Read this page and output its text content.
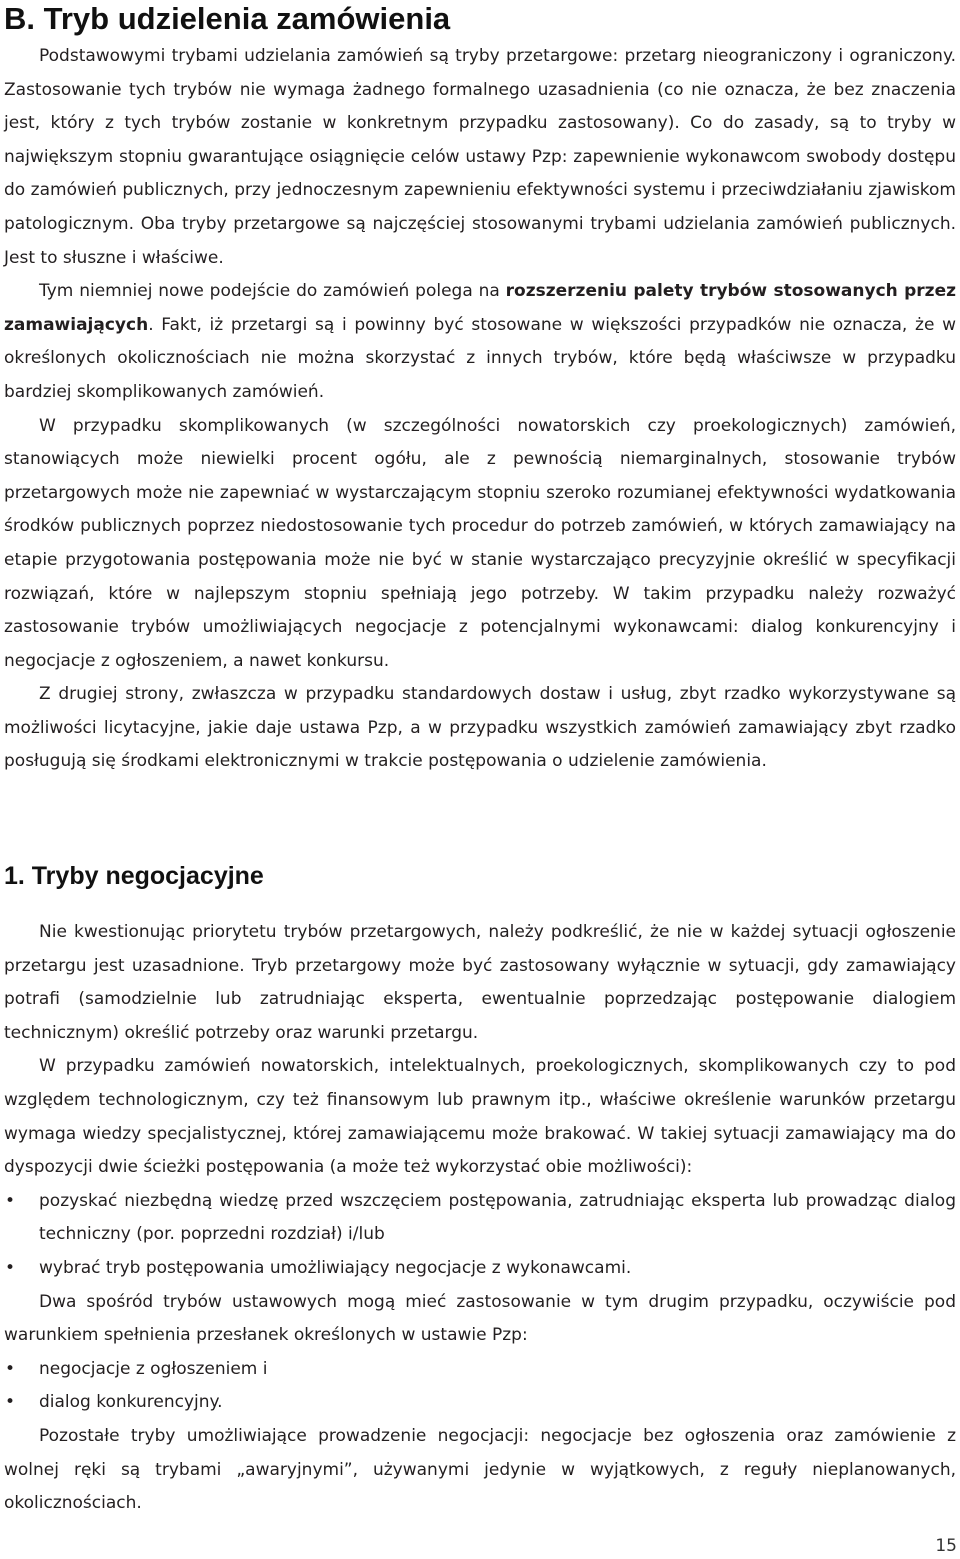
B. Tryb udzielenia zamówienia

Podstawowymi trybami udzielania zamówień są tryby przetargowe: przetarg nieograniczony i ograniczony. Zastosowanie tych trybów nie wymaga żadnego formalnego uzasadnienia (co nie oznacza, że bez znaczenia jest, który z tych trybów zostanie w konkretnym przypadku zastosowany). Co do zasady, są to tryby w największym stopniu gwarantujące osiągnięcie celów ustawy Pzp: zapewnienie wykonawcom swobody dostępu do zamówień publicznych, przy jednoczesnym zapewnieniu efektywności systemu i przeciwdziałaniu zjawiskom patologicznym. Oba tryby przetargowe są najczęściej stosowanymi trybami udzielania zamówień publicznych. Jest to słuszne i właściwe.

Tym niemniej nowe podejście do zamówień polega na rozszerzeniu palety trybów stosowanych przez zamawiających. Fakt, iż przetargi są i powinny być stosowane w większości przypadków nie oznacza, że w określonych okolicznościach nie można skorzystać z innych trybów, które będą właściwsze w przypadku bardziej skomplikowanych zamówień.

W przypadku skomplikowanych (w szczególności nowatorskich czy proekologicznych) zamówień, stanowiących może niewielki procent ogółu, ale z pewnością niemarginalnych, stosowanie trybów przetargowych może nie zapewniać w wystarczającym stopniu szeroko rozumianej efektywności wydatkowania środków publicznych poprzez niedostosowanie tych procedur do potrzeb zamówień, w których zamawiający na etapie przygotowania postępowania może nie być w stanie wystarczająco precyzyjnie określić w specyfikacji rozwiązań, które w najlepszym stopniu spełniają jego potrzeby. W takim przypadku należy rozważyć zastosowanie trybów umożliwiających negocjacje z potencjalnymi wykonawcami: dialog konkurencyjny i negocjacje z ogłoszeniem, a nawet konkursu.

Z drugiej strony, zwłaszcza w przypadku standardowych dostaw i usług, zbyt rzadko wykorzystywane są możliwości licytacyjne, jakie daje ustawa Pzp, a w przypadku wszystkich zamówień zamawiający zbyt rzadko posługują się środkami elektronicznymi w trakcie postępowania o udzielenie zamówienia.

1. Tryby negocjacyjne

Nie kwestionując priorytetu trybów przetargowych, należy podkreślić, że nie w każdej sytuacji ogłoszenie przetargu jest uzasadnione. Tryb przetargowy może być zastosowany wyłącznie w sytuacji, gdy zamawiający potrafi (samodzielnie lub zatrudniając eksperta, ewentualnie poprzedzając postępowanie dialogiem technicznym) określić potrzeby oraz warunki przetargu.

W przypadku zamówień nowatorskich, intelektualnych, proekologicznych, skomplikowanych czy to pod względem technologicznym, czy też finansowym lub prawnym itp., właściwe określenie warunków przetargu wymaga wiedzy specjalistycznej, której zamawiającemu może brakować. W takiej sytuacji zamawiający ma do dyspozycji dwie ścieżki postępowania (a może też wykorzystać obie możliwości):

• pozyskać niezbędną wiedzę przed wszczęciem postępowania, zatrudniając eksperta lub prowadząc dialog techniczny (por. poprzedni rozdział) i/lub
• wybrać tryb postępowania umożliwiający negocjacje z wykonawcami.

Dwa spośród trybów ustawowych mogą mieć zastosowanie w tym drugim przypadku, oczywiście pod warunkiem spełnienia przesłanek określonych w ustawie Pzp:

• negocjacje z ogłoszeniem i
• dialog konkurencyjny.

Pozostałe tryby umożliwiające prowadzenie negocjacji: negocjacje bez ogłoszenia oraz zamówienie z wolnej ręki są trybami „awaryjnymi”, używanymi jedynie w wyjątkowych, z reguły nieplanowanych, okolicznościach.

15
